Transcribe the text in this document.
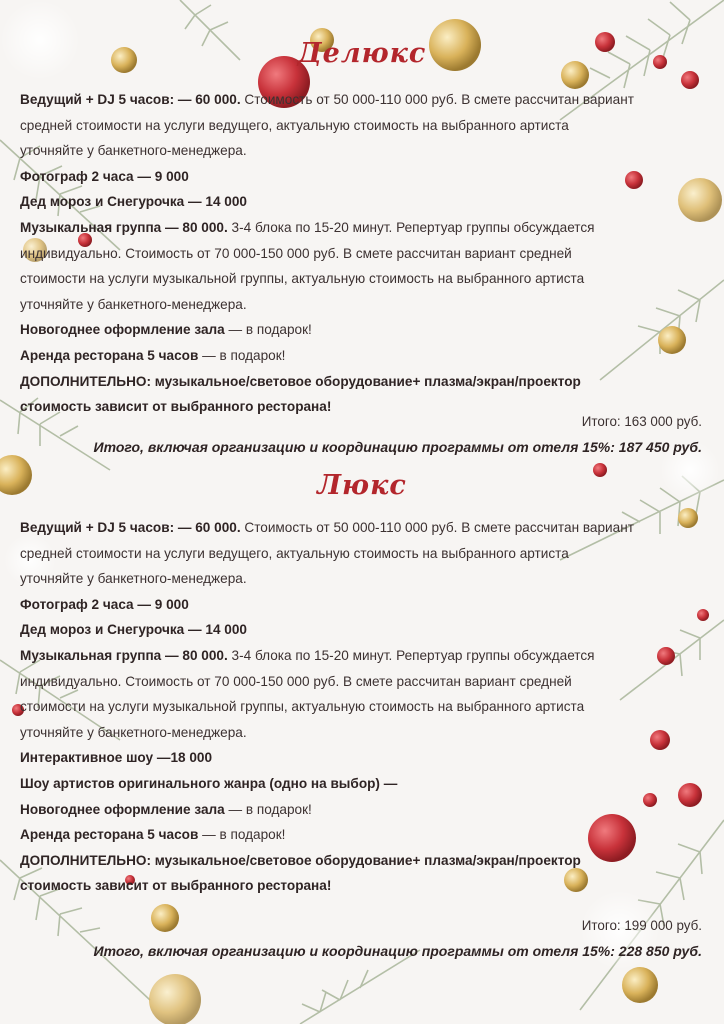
Делюкс

Ведущий + DJ 5 часов: — 60 000. Стоимость от 50 000-110 000 руб. В смете рассчитан вариант

средней стоимости на услуги ведущего, актуальную стоимость на выбранного артиста

уточняйте у банкетного-менеджера.

Фотограф 2 часа — 9 000

Дед мороз и Снегурочка — 14 000

Музыкальная группа — 80 000. 3-4 блока по 15-20 минут. Репертуар группы обсуждается

индивидуально. Стоимость от 70 000-150 000 руб. В смете рассчитан вариант средней

стоимости на услуги музыкальной группы, актуальную стоимость на выбранного артиста

уточняйте у банкетного-менеджера.

Новогоднее оформление зала — в подарок!

Аренда ресторана 5 часов — в подарок!

ДОПОЛНИТЕЛЬНО: музыкальное/световое оборудование+ плазма/экран/проектор

стоимость зависит от выбранного ресторана!

Итого: 163 000 руб.

Итого, включая организацию и координацию программы от отеля 15%: 187 450 руб.

Люкс

Ведущий + DJ 5 часов: — 60 000. Стоимость от 50 000-110 000 руб. В смете рассчитан вариант

средней стоимости на услуги ведущего, актуальную стоимость на выбранного артиста

уточняйте у банкетного-менеджера.

Фотограф 2 часа — 9 000

Дед мороз и Снегурочка — 14 000

Музыкальная группа — 80 000. 3-4 блока по 15-20 минут. Репертуар группы обсуждается

индивидуально. Стоимость от 70 000-150 000 руб. В смете рассчитан вариант средней

стоимости на услуги музыкальной группы, актуальную стоимость на выбранного артиста

уточняйте у банкетного-менеджера.

Интерактивное шоу —18 000

Шоу артистов оригинального жанра (одно на выбор) —

Новогоднее оформление зала — в подарок!

Аренда ресторана 5 часов — в подарок!

ДОПОЛНИТЕЛЬНО: музыкальное/световое оборудование+ плазма/экран/проектор

стоимость зависит от выбранного ресторана!

Итого: 199 000 руб.

Итого, включая организацию и координацию программы от отеля 15%: 228 850 руб.
